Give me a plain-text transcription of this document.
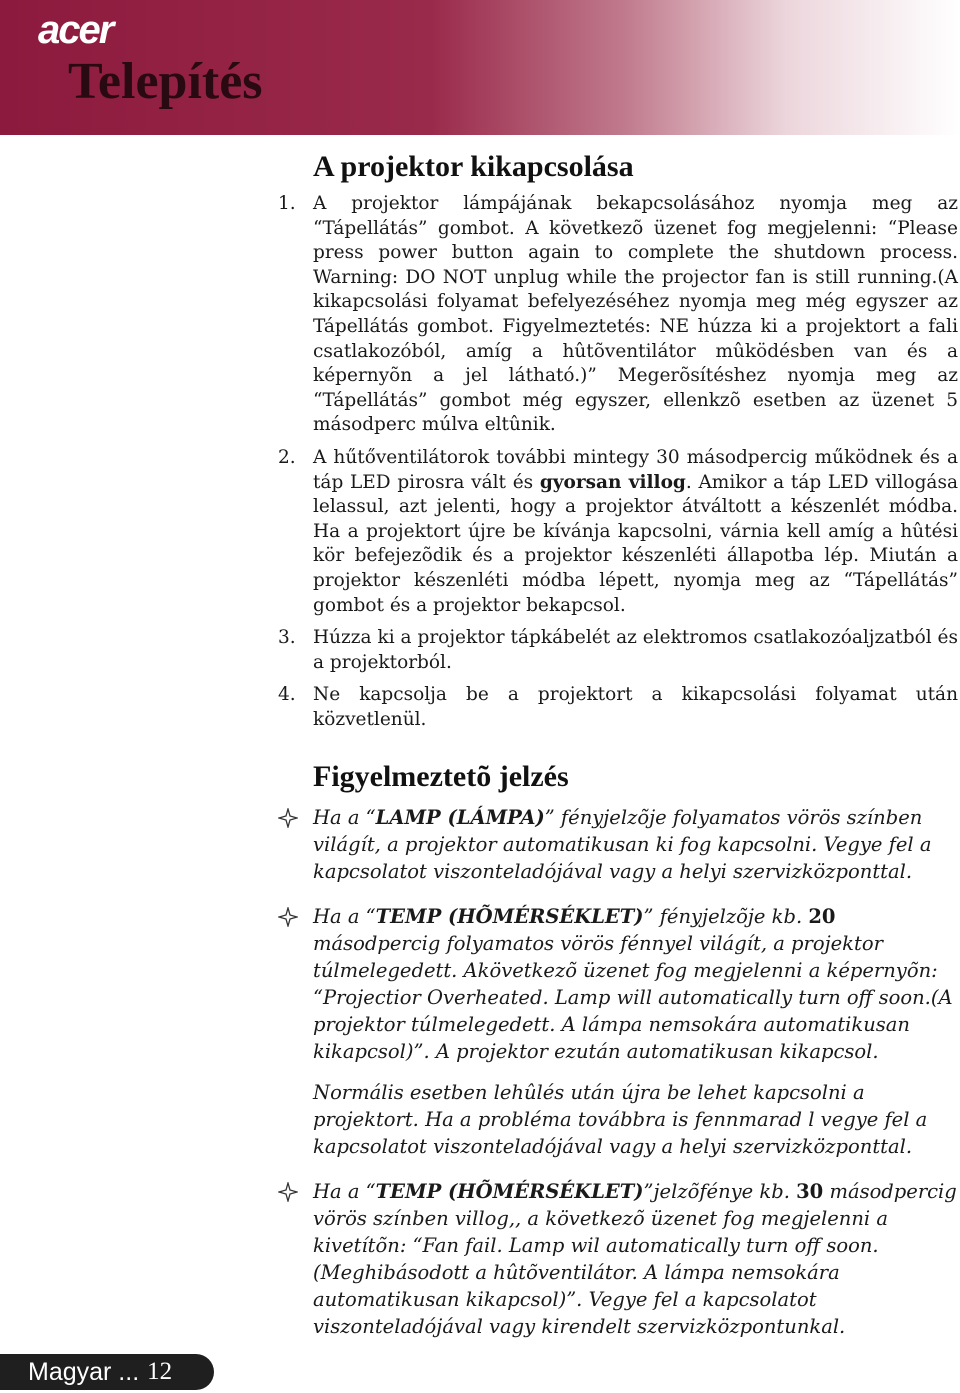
acer
Telepítés
A projektor kikapcsolása
1. A projektor lámpájának bekapcsolásához nyomja meg az “Tápellátás” gombot. A következõ üzenet fog megjelenni: “Please press power button again to complete the shutdown process. Warning: DO NOT unplug while the projector fan is still running.(A kikapcsolási folyamat befelyezéséhez nyomja meg még egyszer az Tápellátás gombot. Figyelmeztetés: NE húzza ki a projektort a fali csatlakozóból, amíg a hûtõventilátor mûködésben van és a képernyõn a jel látható.)” Megerõsítéshez nyomja meg az “Tápellátás” gombot még egyszer, ellenkzõ esetben az üzenet 5 másodperc múlva eltûnik.
2. A hűtőventilátorok további mintegy 30 másodpercig működnek és a táp LED pirosra vált és gyorsan villog. Amikor a táp LED villogása lelassul, azt jelenti, hogy a projektor átváltott a készenlét módba. Ha a projektort újre be kívánja kapcsolni, várnia kell amíg a hûtési kör befejezõdik és a projektor készenléti állapotba lép. Miután a projektor készenléti módba lépett, nyomja meg az “Tápellátás” gombot és a projektor bekapcsol.
3. Húzza ki a projektor tápkábelét az elektromos csatlakozóaljzatból és a projektorból.
4. Ne kapcsolja be a projektort a kikapcsolási folyamat után közvetlenül.
Figyelmeztetõ jelzés

Ha a “LAMP (LÁMPA)” fényjelzõje folyamatos vörös színben világít, a projektor automatikusan ki fog kapcsolni. Vegye fel a kapcsolatot viszonteladójával vagy a helyi szervizközponttal.

Ha a “TEMP (HÕMÉRSÉKLET)” fényjelzõje kb. 20 másodpercig folyamatos vörös fénnyel világít, a projektor túlmelegedett. Akövetkezõ üzenet fog megjelenni a képernyõn: “Projectior Overheated. Lamp will automatically turn off soon.(A projektor túlmelegedett. A lámpa nemsokára automatikusan kikapcsol)”. A projektor ezután automatikusan kikapcsol.

Normális esetben lehûlés után újra be lehet kapcsolni a projektort. Ha a probléma továbbra is fennmarad l vegye fel a kapcsolatot viszonteladójával vagy a helyi szervizközponttal.

Ha a “TEMP (HÕMÉRSÉKLET)”jelzõfénye kb. 30 másodpercig vörös színben villog,, a következõ üzenet fog megjelenni a kivetítõn: “Fan fail. Lamp wil automatically turn off soon.(Meghibásodott a hûtõventilátor. A lámpa nemsokára automatikusan kikapcsol)”. Vegye fel a kapcsolatot viszonteladójával vagy kirendelt szervizközpontunkal.

Magyar ... 12
